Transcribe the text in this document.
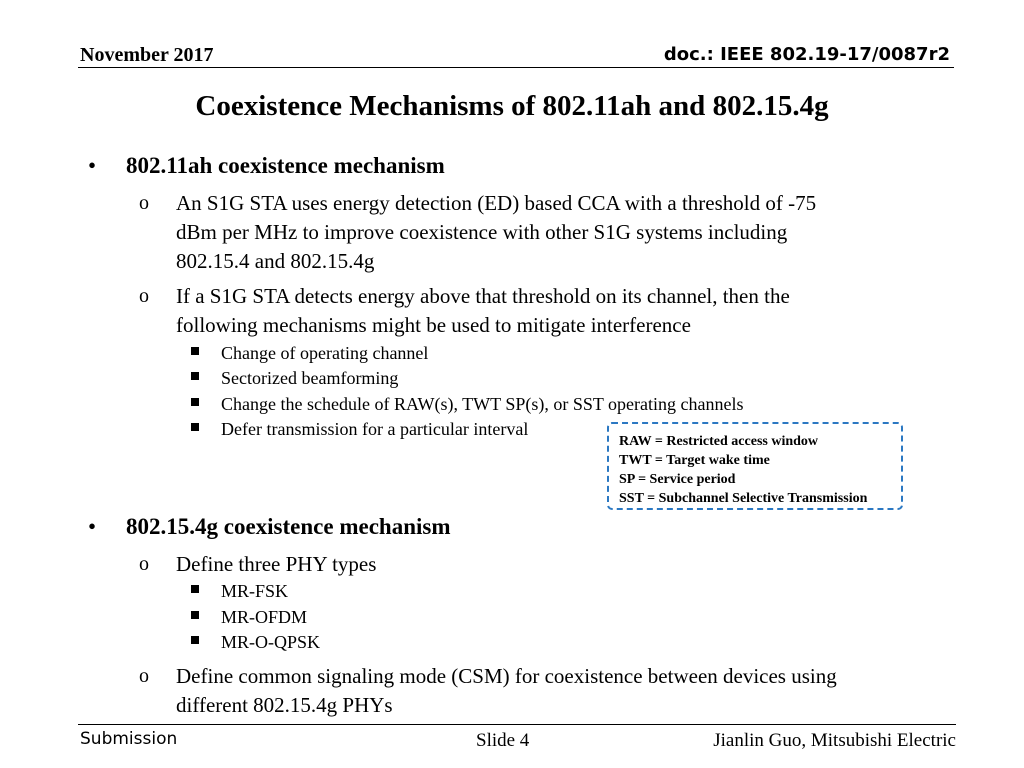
November 2017	doc.: IEEE 802.19-17/0087r2
Coexistence Mechanisms of 802.11ah and 802.15.4g
• 802.11ah coexistence mechanism
o An S1G STA uses energy detection (ED) based CCA with a threshold of -75
dBm per MHz to improve coexistence with other S1G systems including
802.15.4 and 802.15.4g
o If a S1G STA detects energy above that threshold on its channel, then the
following mechanisms might be used to mitigate interference
Change of operating channel
Sectorized beamforming
Change the schedule of RAW(s), TWT SP(s), or SST operating channels
Defer transmission for a particular interval
RAW = Restricted access window
TWT = Target wake time
SP = Service period
SST = Subchannel Selective Transmission
• 802.15.4g coexistence mechanism
o Define three PHY types
MR-FSK
MR-OFDM
MR-O-QPSK
o Define common signaling mode (CSM) for coexistence between devices using
different 802.15.4g PHYs
Submission	Slide 4	Jianlin Guo, Mitsubishi Electric
